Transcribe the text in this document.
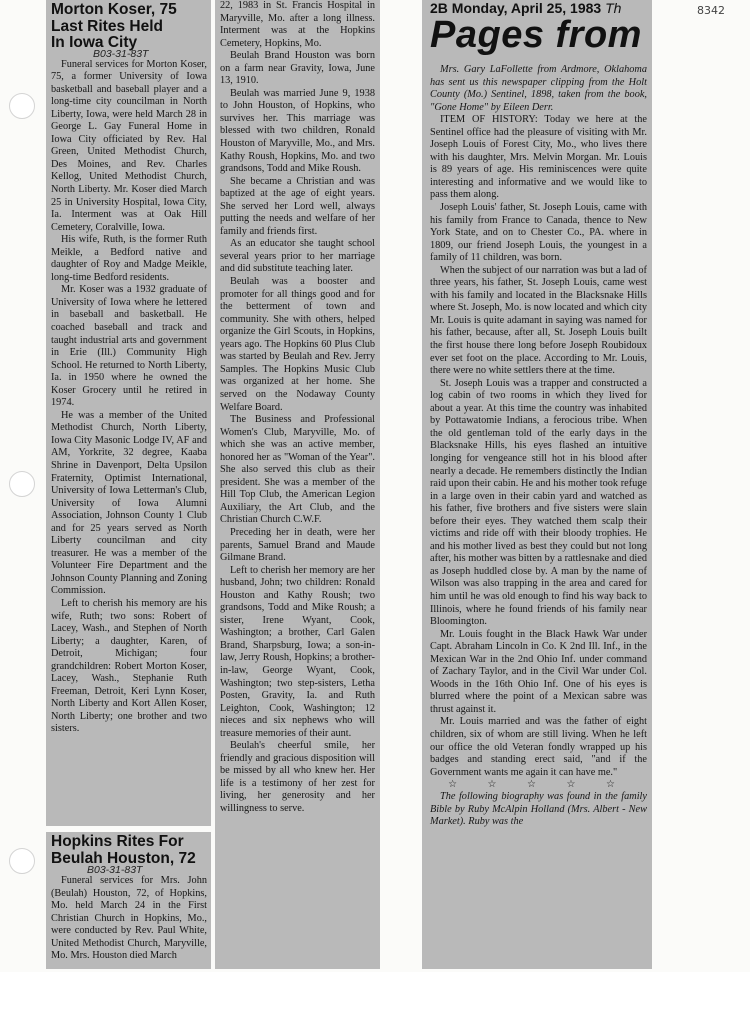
8342
Morton Koser, 75
Last Rites Held
In Iowa City
B03-31-83T

Funeral services for Morton Koser, 75, a former University of Iowa basketball and baseball player and a long-time city councilman in North Liberty, Iowa, were held March 28 in George L. Gay Funeral Home in Iowa City officiated by Rev. Hal Green, United Methodist Church, Des Moines, and Rev. Charles Kellog, United Methodist Church, North Liberty. Mr. Koser died March 25 in University Hospital, Iowa City, Ia. Interment was at Oak Hill Cemetery, Coralville, Iowa.

His wife, Ruth, is the former Ruth Meikle, a Bedford native and daughter of Roy and Madge Meikle, long-time Bedford residents.

Mr. Koser was a 1932 graduate of University of Iowa where he lettered in baseball and basketball. He coached baseball and track and taught industrial arts and government in Erie (Ill.) Community High School. He returned to North Liberty, Ia. in 1950 where he owned the Koser Grocery until he retired in 1974.

He was a member of the United Methodist Church, North Liberty, Iowa City Masonic Lodge IV, AF and AM, Yorkrite, 32 degree, Kaaba Shrine in Davenport, Delta Upsilon Fraternity, Optimist International, University of Iowa Letterman's Club, University of Iowa Alumni Association, Johnson County 1 Club and for 25 years served as North Liberty councilman and city treasurer. He was a member of the Volunteer Fire Department and the Johnson County Planning and Zoning Commission.

Left to cherish his memory are his wife, Ruth; two sons: Robert of Lacey, Wash., and Stephen of North Liberty; a daughter, Karen, of Detroit, Michigan; four grandchildren: Robert Morton Koser, Lacey, Wash., Stephanie Ruth Freeman, Detroit, Keri Lynn Koser, North Liberty and Kort Allen Koser, North Liberty; one brother and two sisters.

Hopkins Rites For
Beulah Houston, 72
B03-31-83T

Funeral services for Mrs. John (Beulah) Houston, 72, of Hopkins, Mo. held March 24 in the First Christian Church in Hopkins, Mo., were conducted by Rev. Paul White, United Methodist Church, Maryville, Mo. Mrs. Houston died March

22, 1983 in St. Francis Hospital in Maryville, Mo. after a long illness. Interment was at the Hopkins Cemetery, Hopkins, Mo.

Beulah Brand Houston was born on a farm near Gravity, Iowa, June 13, 1910.

Beulah was married June 9, 1938 to John Houston, of Hopkins, who survives her. This marriage was blessed with two children, Ronald Houston of Maryville, Mo., and Mrs. Kathy Roush, Hopkins, Mo. and two grandsons, Todd and Mike Roush.

She became a Christian and was baptized at the age of eight years. She served her Lord well, always putting the needs and welfare of her family and friends first.

As an educator she taught school several years prior to her marriage and did substitute teaching later.

Beulah was a booster and promoter for all things good and for the betterment of town and community. She with others, helped organize the Girl Scouts, in Hopkins, years ago. The Hopkins 60 Plus Club was started by Beulah and Rev. Jerry Samples. The Hopkins Music Club was organized at her home. She served on the Nodaway County Welfare Board.

The Business and Professional Women's Club, Maryville, Mo. of which she was an active member, honored her as "Woman of the Year". She also served this club as their president. She was a member of the Hill Top Club, the American Legion Auxiliary, the Art Club, and the Christian Church C.W.F.

Preceding her in death, were her parents, Samuel Brand and Maude Gilmane Brand.

Left to cherish her memory are her husband, John; two children: Ronald Houston and Kathy Roush; two grandsons, Todd and Mike Roush; a sister, Irene Wyant, Cook, Washington; a brother, Carl Galen Brand, Sharpsburg, Iowa; a son-in-law, Jerry Roush, Hopkins; a brother-in-law, George Wyant, Cook, Washington; two step-sisters, Letha Posten, Gravity, Ia. and Ruth Leighton, Cook, Washington; 12 nieces and six nephews who will treasure memories of their aunt.

Beulah's cheerful smile, her friendly and gracious disposition will be missed by all who knew her. Her life is a testimony of her zest for living, her generosity and her willingness to serve.

2B Monday, April 25, 1983 Th
Pages from

Mrs. Gary LaFollette from Ardmore, Oklahoma has sent us this newspaper clipping from the Holt County (Mo.) Sentinel, 1898, taken from the book, "Gone Home" by Eileen Derr.

ITEM OF HISTORY: Today we here at the Sentinel office had the pleasure of visiting with Mr. Joseph Louis of Forest City, Mo., who lives there with his daughter, Mrs. Melvin Morgan. Mr. Louis is 89 years of age. His reminiscences were quite interesting and informative and we would like to pass them along.

Joseph Louis' father, St. Joseph Louis, came with his family from France to Canada, thence to New York State, and on to Chester Co., PA. where in 1809, our friend Joseph Louis, the youngest in a family of 11 children, was born.

When the subject of our narration was but a lad of three years, his father, St. Joseph Louis, came west with his family and located in the Blacksnake Hills where St. Joseph, Mo. is now located and which city Mr. Louis is quite adamant in saying was named for his father, because, after all, St. Joseph Louis built the first house there long before Joseph Roubidoux ever set foot on the place. According to Mr. Louis, there were no white settlers there at the time.

St. Joseph Louis was a trapper and constructed a log cabin of two rooms in which they lived for about a year. At this time the country was inhabited by Pottawatomie Indians, a ferocious tribe. When the old gentleman told of the early days in the Blacksnake Hills, his eyes flashed an intuitive longing for vengeance still hot in his blood after nearly a decade. He remembers distinctly the Indian raid upon their cabin. He and his mother took refuge in a large oven in their cabin yard and watched as his father, five brothers and five sisters were slain before their eyes. They watched them scalp their victims and ride off with their bloody trophies. He and his mother lived as best they could but not long after, his mother was bitten by a rattlesnake and died as Joseph huddled close by. A man by the name of Wilson was also trapping in the area and cared for him until he was old enough to find his way back to Illinois, where he found friends of his family near Bloomington.

Mr. Louis fought in the Black Hawk War under Capt. Abraham Lincoln in Co. K 2nd Ill. Inf., in the Mexican War in the 2nd Ohio Inf. under command of Zachary Taylor, and in the Civil War under Col. Woods in the 16th Ohio Inf. One of his eyes is blurred where the point of a Mexican sabre was thrust against it.

Mr. Louis married and was the father of eight children, six of whom are still living. When he left our office the old Veteran fondly wrapped up his badges and standing erect said, "and if the Government wants me again it can have me."

☆ ☆ ☆ ☆ ☆

The following biography was found in the family Bible by Ruby McAlpin Holland (Mrs. Albert - New Market). Ruby was the
